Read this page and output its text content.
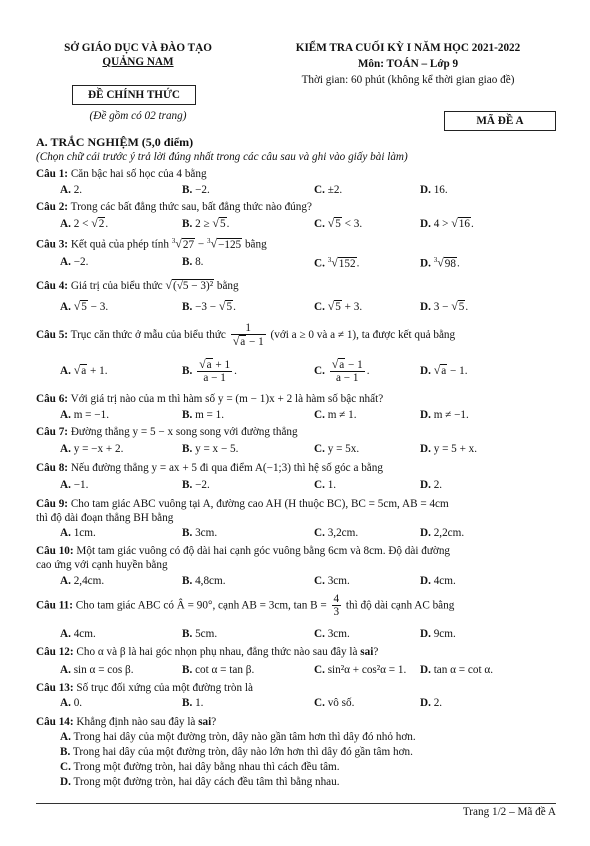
SỞ GIÁO DỤC VÀ ĐÀO TẠO
QUẢNG NAM
ĐỀ CHÍNH THỨC
(Đề gồm có 02 trang)
KIỂM TRA CUỐI KỲ I NĂM HỌC 2021-2022
Môn: TOÁN – Lớp 9
Thời gian: 60 phút (không kể thời gian giao đề)
MÃ ĐỀ A
A. TRẮC NGHIỆM (5,0 điểm)
(Chọn chữ cái trước ý trả lời đúng nhất trong các câu sau và ghi vào giấy bài làm)
Câu 1: Căn bậc hai số học của 4 bằng
A. 2.	B. −2.	C. ±2.	D. 16.
Câu 2: Trong các bất đẳng thức sau, bất đẳng thức nào đúng?
A. 2 < √2.	B. 2 ≥ √5.	C. √5 < 3.	D. 4 > √16.
Câu 3: Kết quả của phép tính $^3$√27 − $^3$√−125 bằng
A. −2.	B. 8.	C. $^3$√152.	D. $^3$√98.
Câu 4: Giá trị của biểu thức √(√5 − 3)² bằng
A. √5 − 3.	B. −3 − √5.	C. √5 + 3.	D. 3 − √5.
Câu 5: Trục căn thức ở mẫu của biểu thức $\frac{1}{√a - 1}$ (với a ≥ 0 và a ≠ 1), ta được kết quả bằng
A. √a + 1.	B. $\frac{√a + 1}{a - 1}$ .	C. $\frac{√a - 1}{a - 1}$ .	D. √a − 1.
Câu 6: Với giá trị nào của m thì hàm số y = (m − 1)x + 2 là hàm số bậc nhất?
A. m = −1.	B. m = 1.	C. m ≠ 1.	D. m ≠ −1.
Câu 7: Đường thẳng y = 5 − x song song với đường thẳng
A. y = −x + 2.	B. y = x − 5.	C. y = 5x.	D. y = 5 + x.
Câu 8: Nếu đường thẳng y = ax + 5 đi qua điểm A(−1;3) thì hệ số góc a bằng
A. −1.	B. −2.	C. 1.	D. 2.
Câu 9: Cho tam giác ABC vuông tại A, đường cao AH (H thuộc BC), BC = 5cm, AB = 4cm
thì độ dài đoạn thẳng BH bằng
A. 1cm.	B. 3cm.	C. 3,2cm.	D. 2,2cm.
Câu 10: Một tam giác vuông có độ dài hai cạnh góc vuông bằng 6cm và 8cm. Độ dài đường
cao ứng với cạnh huyền bằng
A. 2,4cm.	B. 4,8cm.	C. 3cm.	D. 4cm.
Câu 11: Cho tam giác ABC có Â = 90°, cạnh AB = 3cm, $\tan B = \frac{4}{3}$ thì độ dài cạnh AC bằng
A. 4cm.	B. 5cm.	C. 3cm.	D. 9cm.
Câu 12: Cho α và β là hai góc nhọn phụ nhau, đẳng thức nào sau đây là sai?
A. sin α = cos β.	B. cot α = tan β.	C. sin²α + cos²α = 1. D. tan α = cot α.
Câu 13: Số trục đối xứng của một đường tròn là
A. 0.	B. 1.	C. vô số.	D. 2.
Câu 14: Khẳng định nào sau đây là sai?
A. Trong hai dây của một đường tròn, dây nào gần tâm hơn thì dây đó nhỏ hơn.
B. Trong hai dây của một đường tròn, dây nào lớn hơn thì dây đó gần tâm hơn.
C. Trong một đường tròn, hai dây bằng nhau thì cách đều tâm.
D. Trong một đường tròn, hai dây cách đều tâm thì bằng nhau.
Trang 1/2 – Mã đề A
